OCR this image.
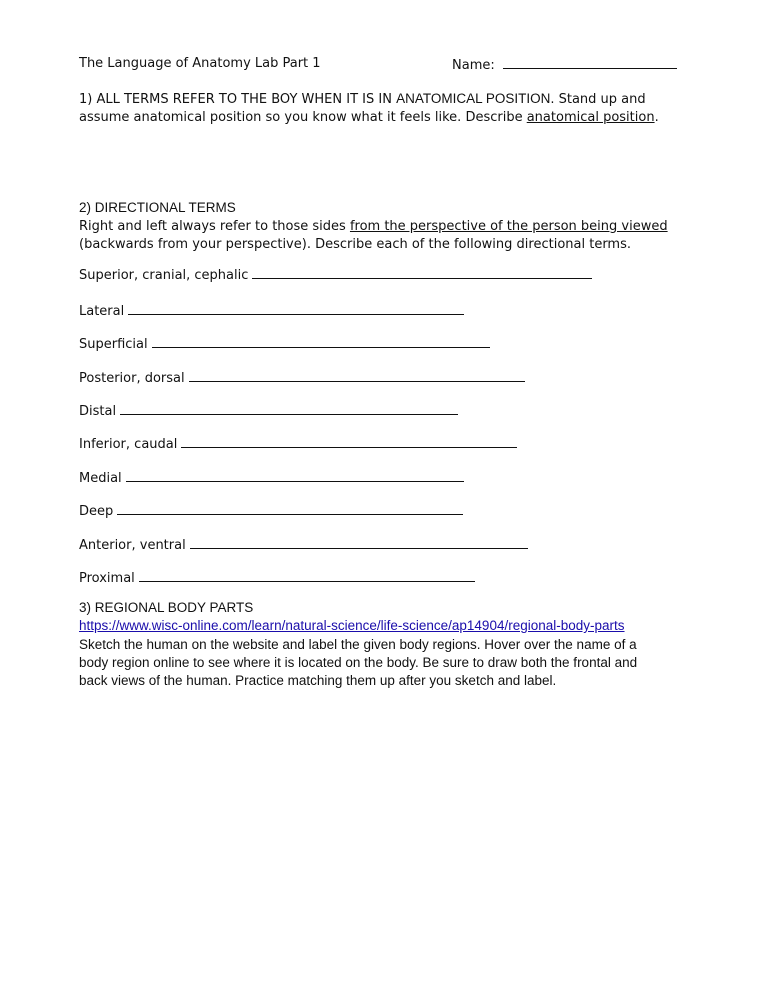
The Language of Anatomy Lab Part 1	Name:
1) ALL TERMS REFER TO THE BOY WHEN IT IS IN ANATOMICAL POSITION. Stand up and
assume anatomical position so you know what it feels like. Describe anatomical position.
2) DIRECTIONAL TERMS
Right and left always refer to those sides from the perspective of the person being viewed
(backwards from your perspective). Describe each of the following directional terms.
Superior, cranial, cephalic
Lateral
Superficial
Posterior, dorsal
Distal
Inferior, caudal
Medial
Deep
Anterior, ventral
Proximal
3) REGIONAL BODY PARTS
https://www.wisc-online.com/learn/natural-science/life-science/ap14904/regional-body-parts
Sketch the human on the website and label the given body regions. Hover over the name of a
body region online to see where it is located on the body. Be sure to draw both the frontal and
back views of the human. Practice matching them up after you sketch and label.
